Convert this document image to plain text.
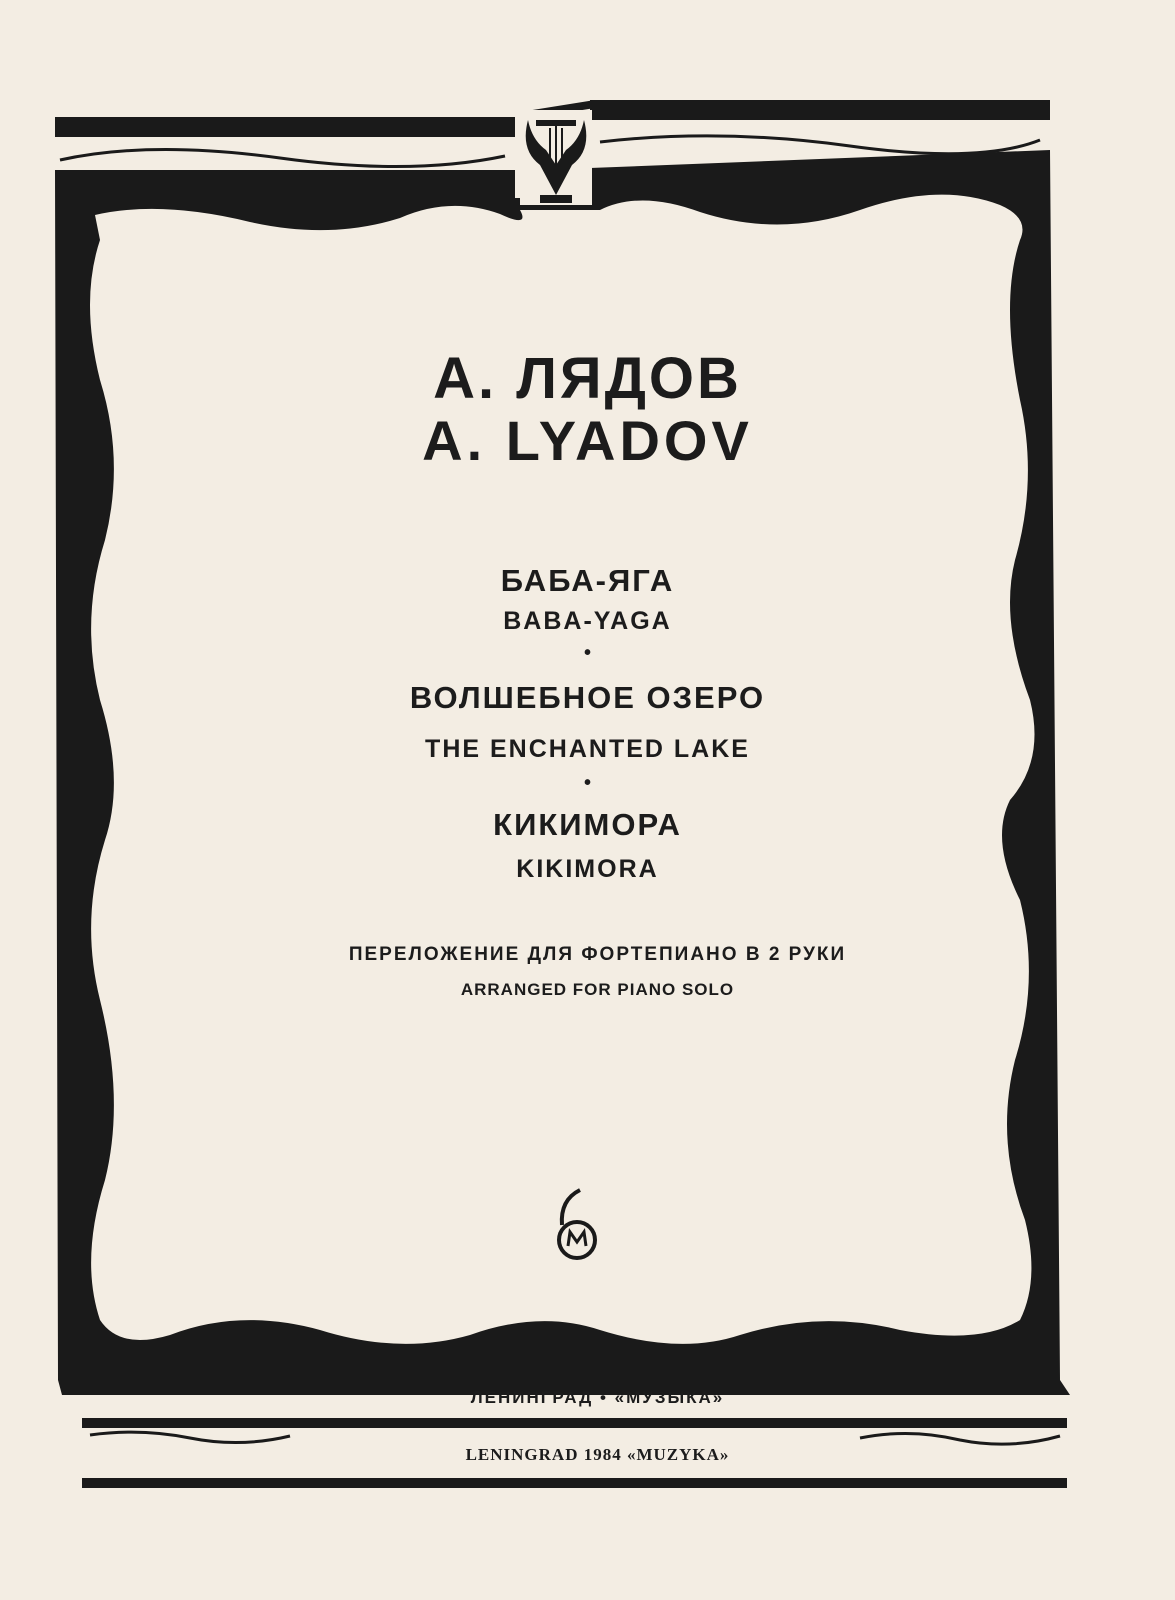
А. ЛЯДОВ
A. LYADOV
БАБА-ЯГА
BABA-YAGA
•
ВОЛШЕБНОЕ ОЗЕРО
THE ENCHANTED LAKE
•
КИКИМОРА
KIKIMORA
ПЕРЕЛОЖЕНИЕ ДЛЯ ФОРТЕПИАНО В 2 РУКИ
ARRANGED FOR PIANO SOLO
ЛЕНИНГРАД • «МУЗЫКА»
LENINGRAD 1984 «MUZYKA»
